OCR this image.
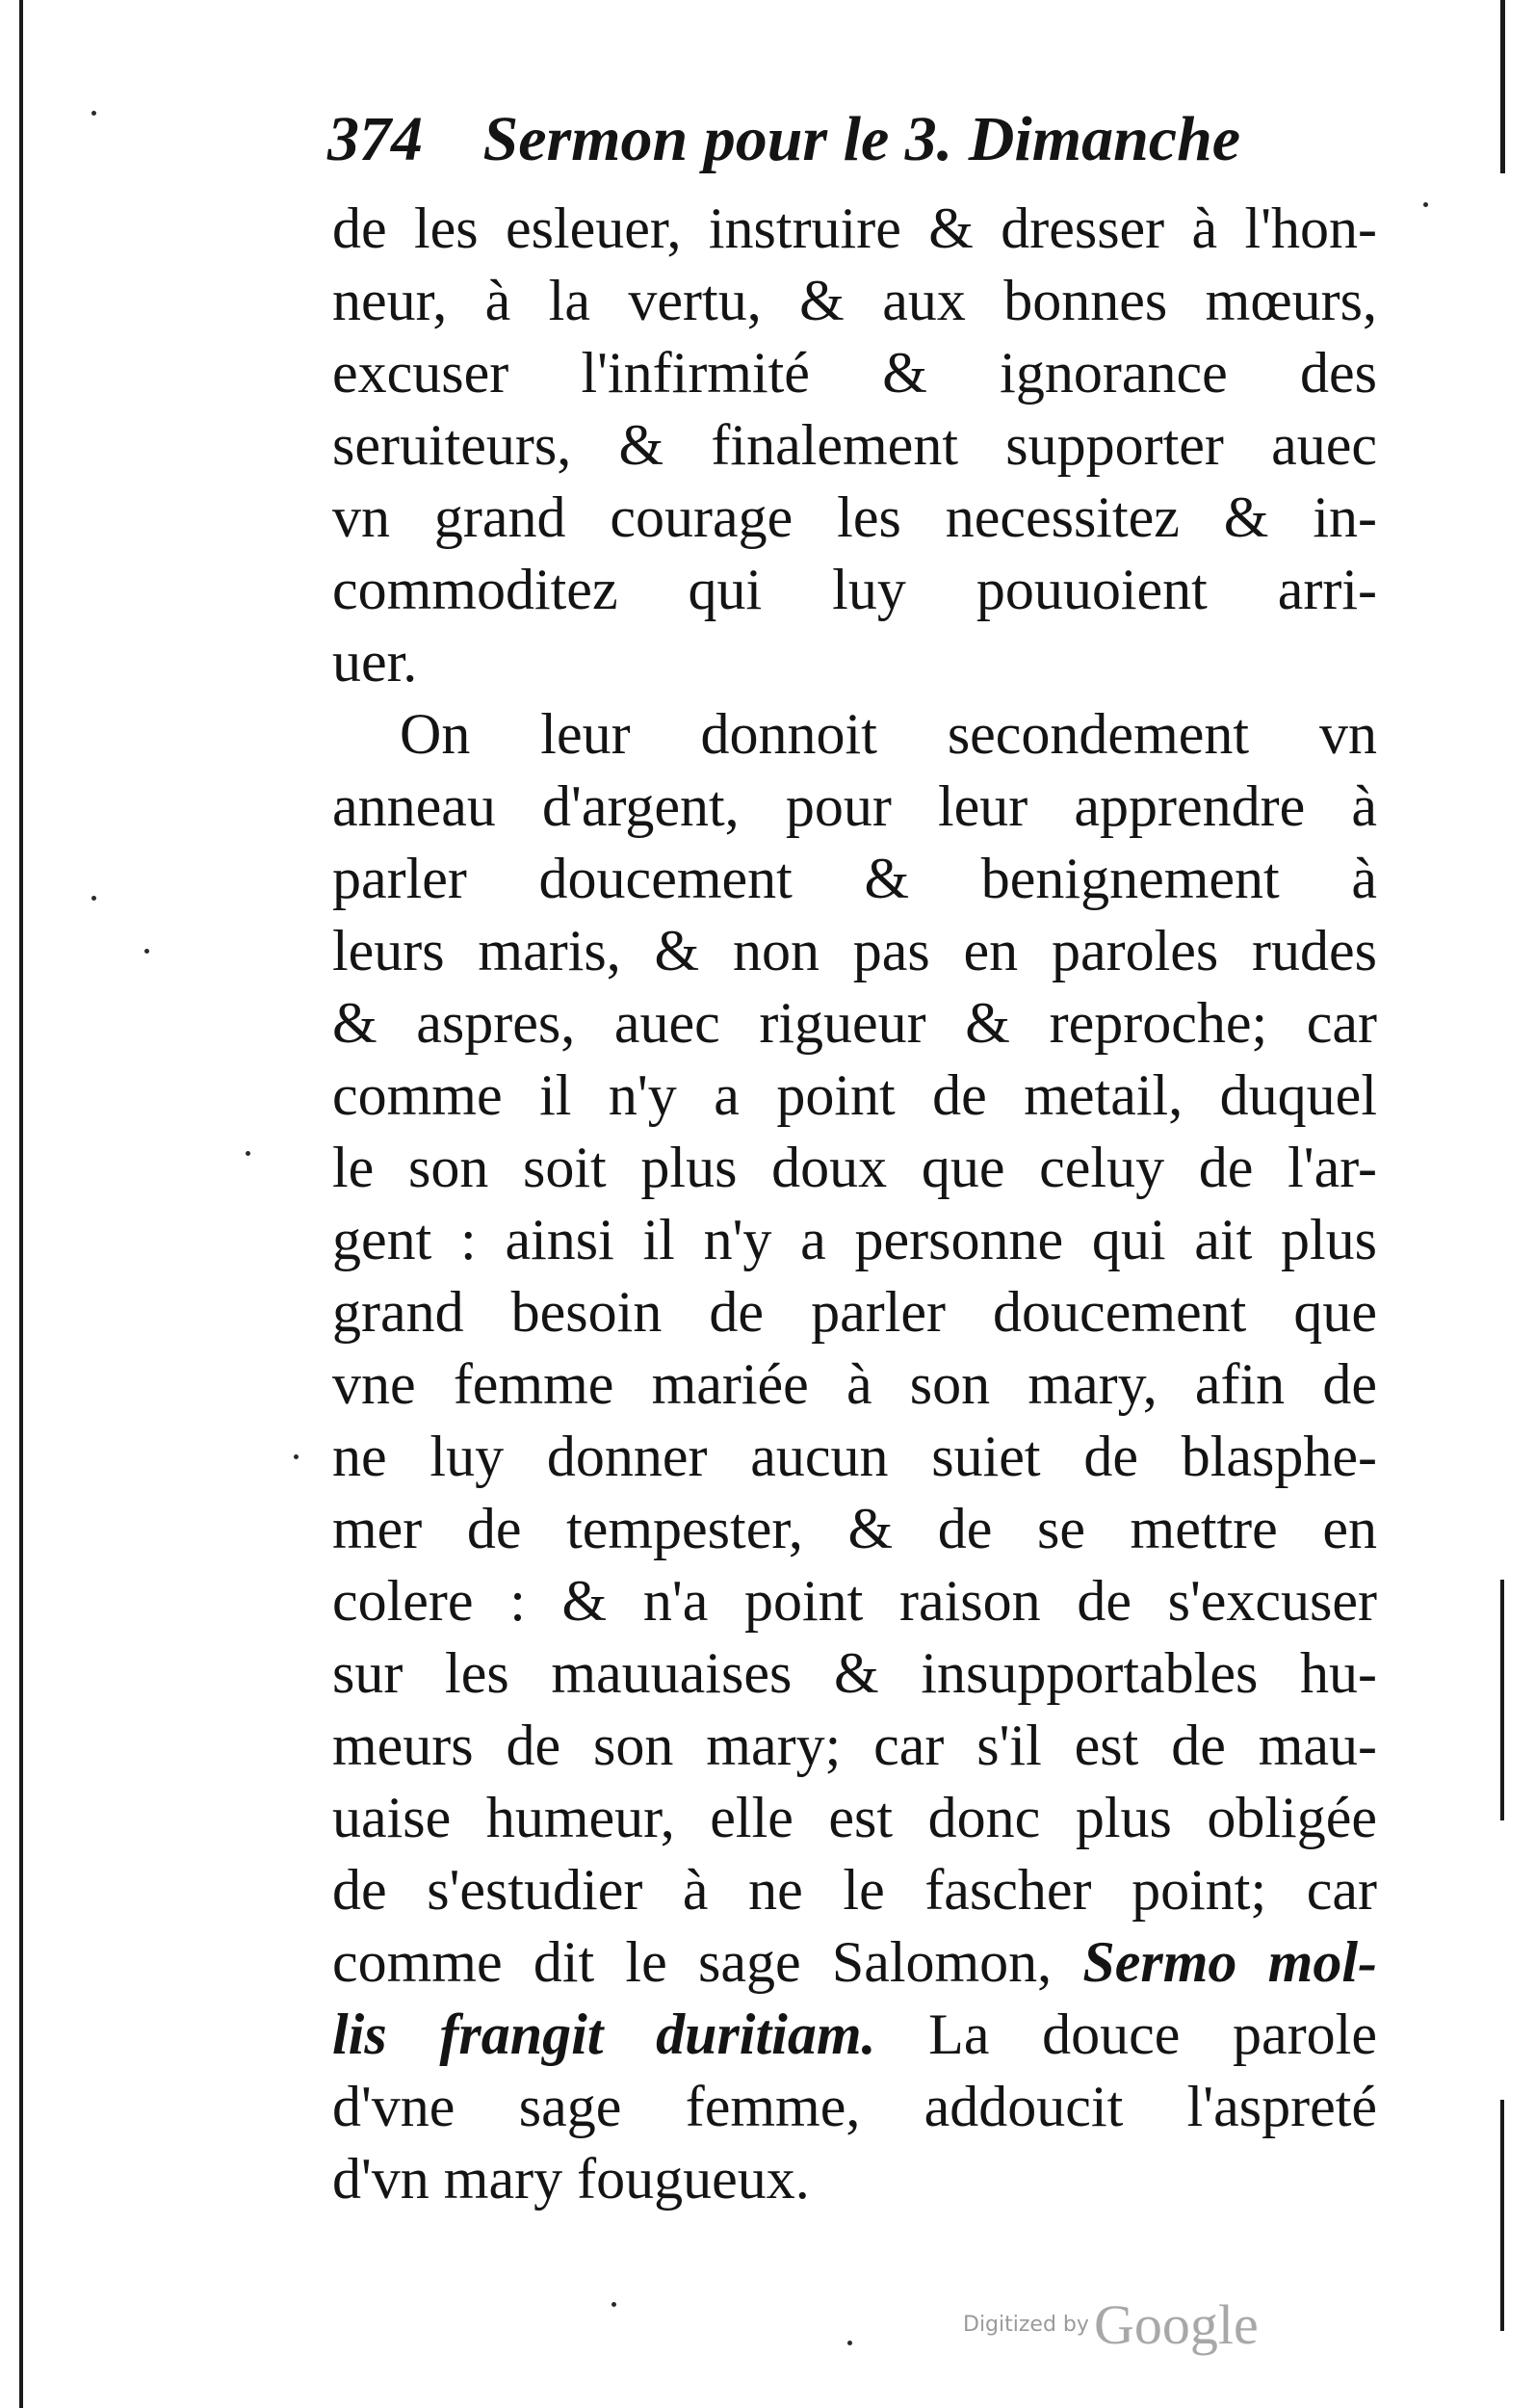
374 Sermon pour le 3. Dimanche
de les esleuer, instruire & dresser à l'hon-
neur, à la vertu, & aux bonnes mœurs,
excuser l'infirmité & ignorance des
seruiteurs, & finalement supporter auec
vn grand courage les necessitez & in-
commoditez qui luy pouuoient arri-
uer.
On leur donnoit secondement vn
anneau d'argent, pour leur apprendre à
parler doucement & benignement à
leurs maris, & non pas en paroles rudes
& aspres, auec rigueur & reproche; car
comme il n'y a point de metail, duquel
le son soit plus doux que celuy de l'ar-
gent : ainsi il n'y a personne qui ait plus
grand besoin de parler doucement que
vne femme mariée à son mary, afin de
ne luy donner aucun suiet de blasphe-
mer de tempester, & de se mettre en
colere : & n'a point raison de s'excuser
sur les mauuaises & insupportables hu-
meurs de son mary; car s'il est de mau-
uaise humeur, elle est donc plus obligée
de s'estudier à ne le fascher point; car
comme dit le sage Salomon, Sermo mol-
lis frangit duritiam. La douce parole
d'vne sage femme, addoucit l'aspreté
d'vn mary fougueux.
Digitized by Google
